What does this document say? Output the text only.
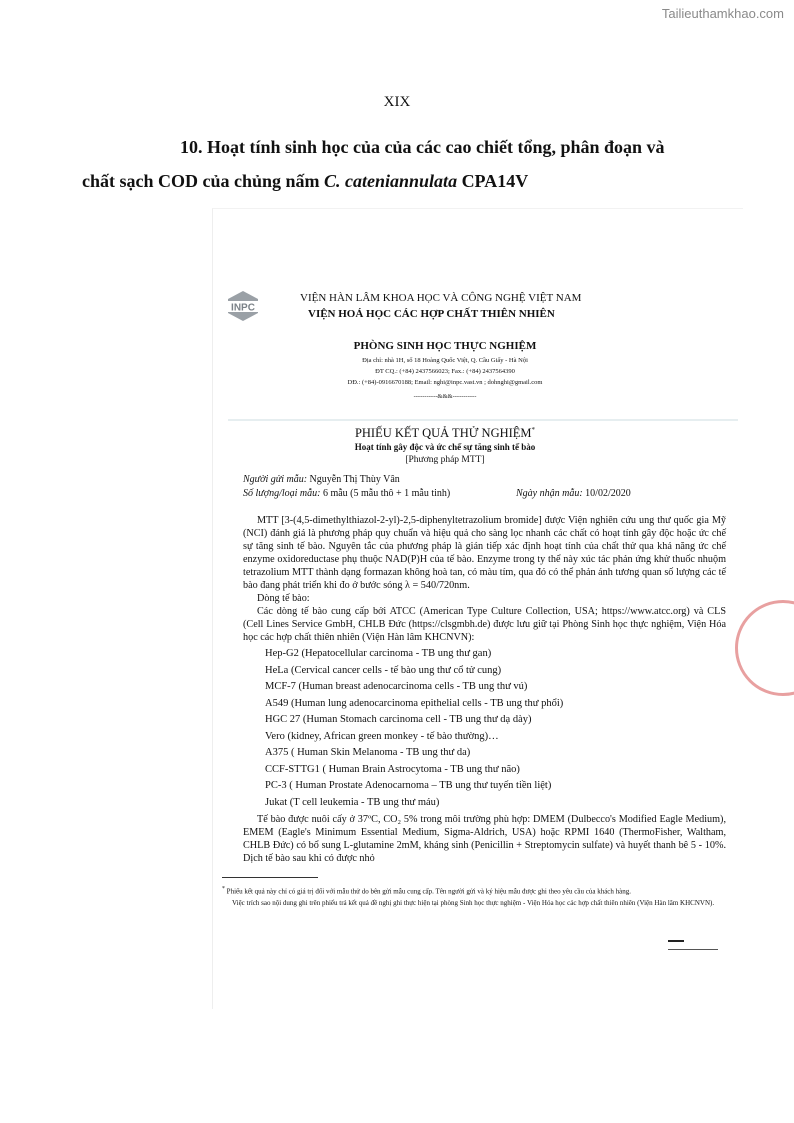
Tailieuthamkhao.com
XIX
10. Hoạt tính sinh học của của các cao chiết tổng, phân đoạn và
chất sạch COD của chủng nấm C. cateniannulata CPA14V
INPC
VIỆN HÀN LÂM KHOA HỌC VÀ CÔNG NGHỆ VIỆT NAM
VIỆN HOÁ HỌC CÁC HỢP CHẤT THIÊN NHIÊN
PHÒNG SINH HỌC THỰC NGHIỆM
Địa chỉ: nhà 1H, số 18 Hoàng Quốc Việt, Q. Cầu Giấy - Hà Nội
ĐT CQ.: (+84) 2437566023; Fax.: (+84) 2437564390
DĐ.: (+84)-0916670188; Email: nghi@inpc.vast.vn ; dohnghi@gmail.com
-----------&&&-----------
PHIẾU KẾT QUẢ THỬ NGHIỆM*
Hoạt tính gây độc và ức chế sự tăng sinh tế bào
[Phương pháp MTT]
Người gửi mẫu: Nguyễn Thị Thùy Vân
Số lượng/loại mẫu: 6 mẫu (5 mẫu thô + 1 mẫu tinh)	Ngày nhận mẫu: 10/02/2020

MTT [3-(4,5-dimethylthiazol-2-yl)-2,5-diphenyltetrazolium bromide] được Viện nghiên cứu ung thư quốc gia Mỹ (NCI) đánh giá là phương pháp quy chuẩn và hiệu quả cho sàng lọc nhanh các chất có hoạt tính gây độc hoặc ức chế sự tăng sinh tế bào. Nguyên tắc của phương pháp là gián tiếp xác định hoạt tính của chất thử qua khả năng ức chế enzyme oxidoreductase phụ thuộc NAD(P)H của tế bào. Enzyme trong ty thể này xúc tác phản ứng khử thuốc nhuộm tetrazolium MTT thành dạng formazan không hoà tan, có màu tím, qua đó có thể phản ánh tương quan số lượng các tế bào đang phát triển khi đo ở bước sóng λ = 540/720nm.

Dòng tế bào:

Các dòng tế bào cung cấp bởi ATCC (American Type Culture Collection, USA; https://www.atcc.org) và CLS (Cell Lines Service GmbH, CHLB Đức (https://clsgmbh.de) được lưu giữ tại Phòng Sinh học thực nghiệm, Viện Hóa học các hợp chất thiên nhiên (Viện Hàn lâm KHCNVN):

Hep-G2 (Hepatocellular carcinoma - TB ung thư gan)
HeLa (Cervical cancer cells - tế bào ung thư cổ tử cung)
MCF-7 (Human breast adenocarcinoma cells - TB ung thư vú)
A549 (Human lung adenocarcinoma epithelial cells - TB ung thư phổi)
HGC 27 (Human Stomach carcinoma cell - TB ung thư dạ dày)
Vero (kidney, African green monkey - tế bào thường)…
A375 ( Human Skin Melanoma - TB ung thư da)
CCF-STTG1 ( Human Brain Astrocytoma - TB ung thư não)
PC-3 ( Human Prostate Adenocarnoma – TB ung thư tuyến tiền liệt)
Jukat (T cell leukemia - TB ung thư máu)

Tế bào được nuôi cấy ở 37ºC, CO₂ 5% trong môi trường phù hợp: DMEM (Dulbecco's Modified Eagle Medium), EMEM (Eagle's Minimum Essential Medium, Sigma-Aldrich, USA) hoặc RPMI 1640 (ThermoFisher, Waltham, CHLB Đức) có bổ sung L-glutamine 2mM, kháng sinh (Penicillin + Streptomycin sulfate) và huyết thanh bê 5 - 10%. Dịch tế bào sau khi có được nhỏ

* Phiếu kết quả này chỉ có giá trị đối với mẫu thử do bên gửi mẫu cung cấp. Tên người gửi và ký hiệu mẫu được ghi theo yêu cầu của khách hàng.
Việc trích sao nội dung ghi trên phiếu trả kết quả đề nghị ghi thực hiện tại phòng Sinh học thực nghiệm - Viện Hóa học các hợp chất thiên nhiên (Viện Hàn lâm KHCNVN).
